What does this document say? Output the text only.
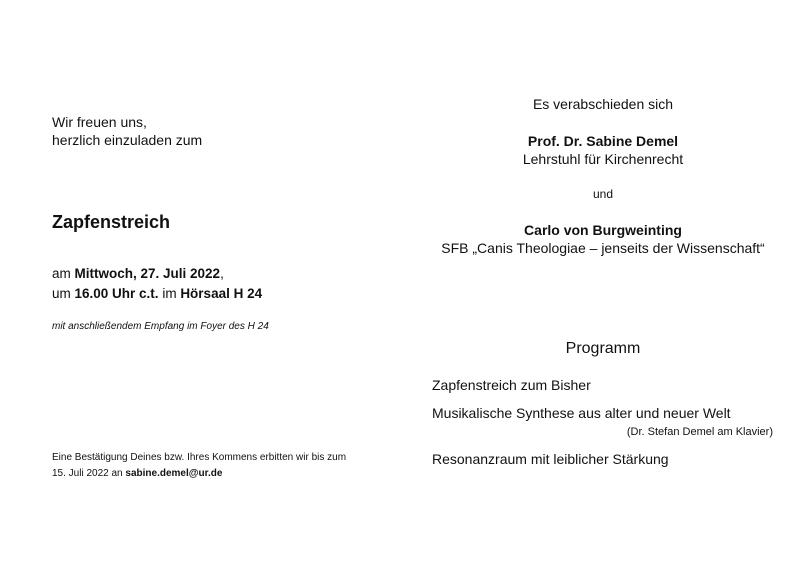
Wir freuen uns,
herzlich einzuladen zum
Zapfenstreich
am Mittwoch, 27. Juli 2022,
um 16.00 Uhr c.t. im Hörsaal H 24
mit anschließendem Empfang im Foyer des H 24
Eine Bestätigung Deines bzw. Ihres Kommens erbitten wir bis zum
15. Juli 2022 an sabine.demel@ur.de
Es verabschieden sich
Prof. Dr. Sabine Demel
Lehrstuhl für Kirchenrecht
und
Carlo von Burgweinting
SFB „Canis Theologiae – jenseits der Wissenschaft“
Programm
Zapfenstreich zum Bisher
Musikalische Synthese aus alter und neuer Welt
(Dr. Stefan Demel am Klavier)
Resonanzraum mit leiblicher Stärkung
